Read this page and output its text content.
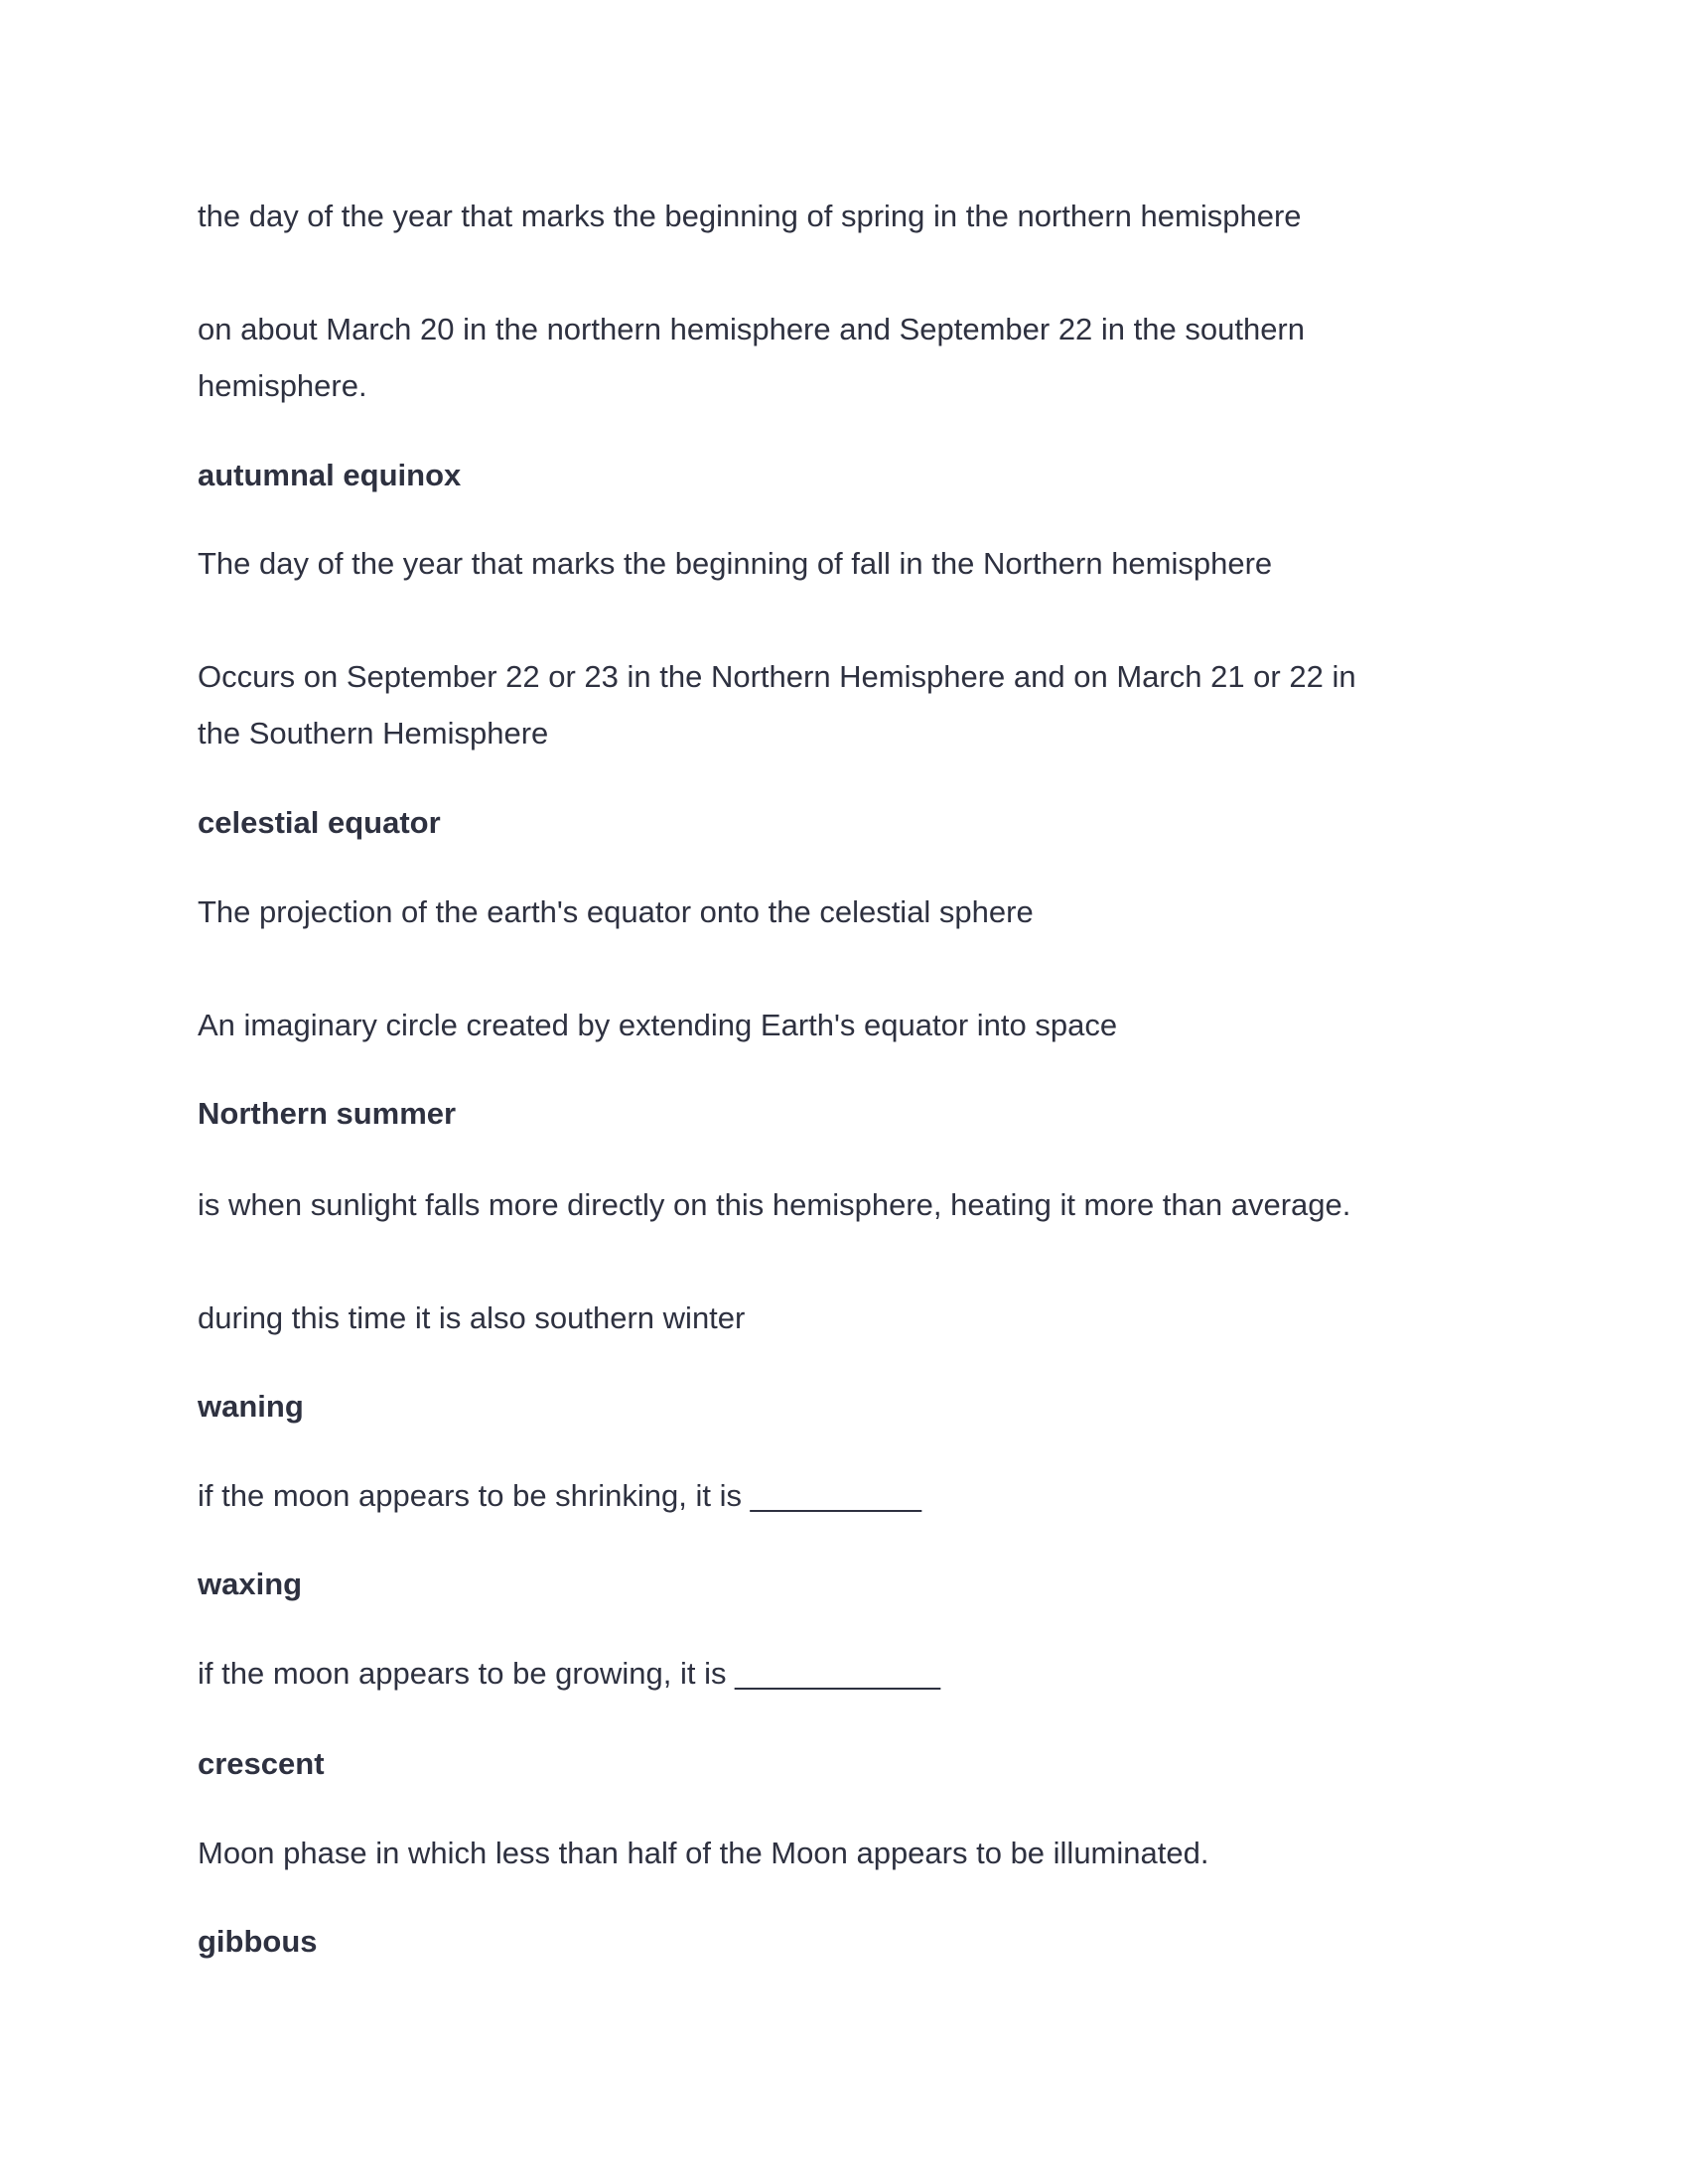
the day of the year that marks the beginning of spring in the northern hemisphere
on about March 20 in the northern hemisphere and September 22 in the southern
hemisphere.
autumnal equinox
The day of the year that marks the beginning of fall in the Northern hemisphere
Occurs on September 22 or 23 in the Northern Hemisphere and on March 21 or 22 in
the Southern Hemisphere
celestial equator
The projection of the earth's equator onto the celestial sphere
An imaginary circle created by extending Earth's equator into space
Northern summer
is when sunlight falls more directly on this hemisphere, heating it more than average.
during this time it is also southern winter
waning
if the moon appears to be shrinking, it is __________
waxing
if the moon appears to be growing, it is ____________
crescent
Moon phase in which less than half of the Moon appears to be illuminated.
gibbous
